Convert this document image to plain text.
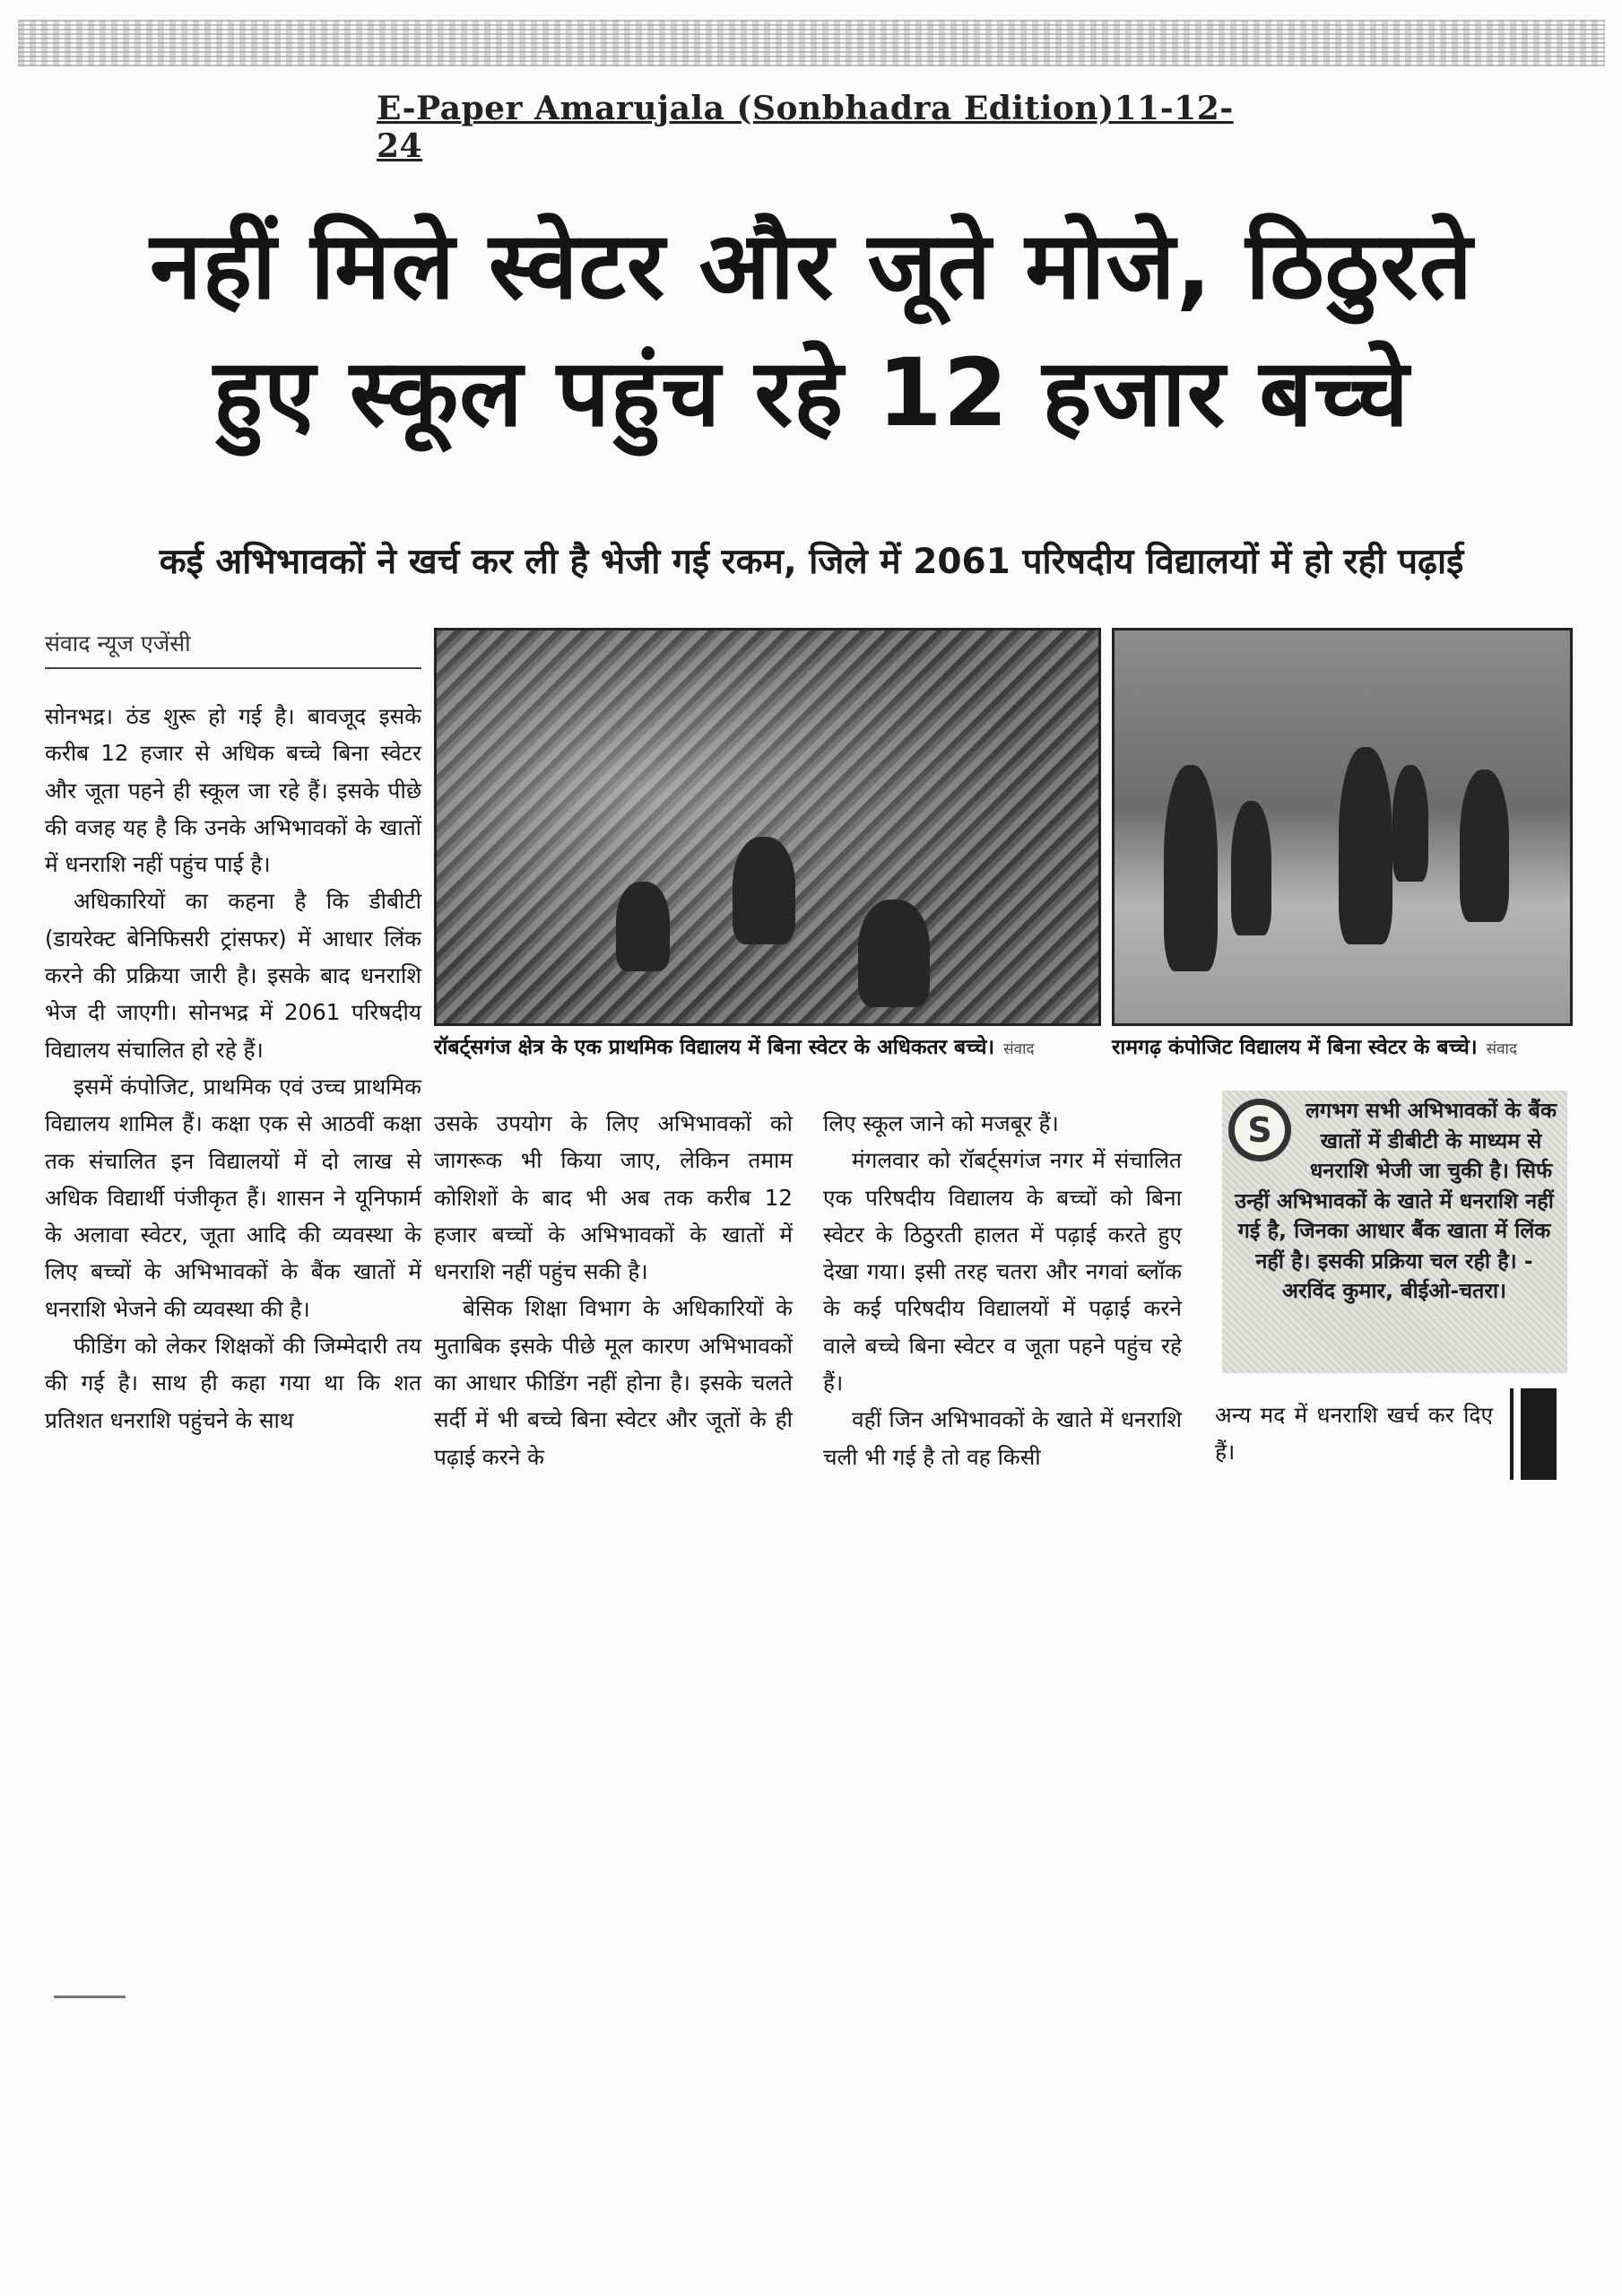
E-Paper Amarujala (Sonbhadra Edition)11-12-24
नहीं मिले स्वेटर और जूते मोजे, ठिठुरते
हुए स्कूल पहुंच रहे 12 हजार बच्चे
कई अभिभावकों ने खर्च कर ली है भेजी गई रकम, जिले में 2061 परिषदीय विद्यालयों में हो रही पढ़ाई
संवाद न्यूज एजेंसी

सोनभद्र। ठंड शुरू हो गई है। बावजूद इसके करीब 12 हजार से अधिक बच्चे बिना स्वेटर और जूता पहने ही स्कूल जा रहे हैं। इसके पीछे की वजह यह है कि उनके अभिभावकों के खातों में धनराशि नहीं पहुंच पाई है।

अधिकारियों का कहना है कि डीबीटी (डायरेक्ट बेनिफिसरी ट्रांसफर) में आधार लिंक करने की प्रक्रिया जारी है। इसके बाद धनराशि भेज दी जाएगी। सोनभद्र में 2061 परिषदीय विद्यालय संचालित हो रहे हैं।

इसमें कंपोजिट, प्राथमिक एवं उच्च प्राथमिक विद्यालय शामिल हैं। कक्षा एक से आठवीं कक्षा तक संचालित इन विद्यालयों में दो लाख से अधिक विद्यार्थी पंजीकृत हैं। शासन ने यूनिफार्म के अलावा स्वेटर, जूता आदि की व्यवस्था के लिए बच्चों के अभिभावकों के बैंक खातों में धनराशि भेजने की व्यवस्था की है।

फीडिंग को लेकर शिक्षकों की जिम्मेदारी तय की गई है। साथ ही कहा गया था कि शत प्रतिशत धनराशि पहुंचने के साथ

रॉबर्ट्सगंज क्षेत्र के एक प्राथमिक विद्यालय में बिना स्वेटर के अधिकतर बच्चे। संवाद	रामगढ़ कंपोजिट विद्यालय में बिना स्वेटर के बच्चे। संवाद

उसके उपयोग के लिए अभिभावकों को जागरूक भी किया जाए, लेकिन तमाम कोशिशों के बाद भी अब तक करीब 12 हजार बच्चों के अभिभावकों के खातों में धनराशि नहीं पहुंच सकी है।

बेसिक शिक्षा विभाग के अधिकारियों के मुताबिक इसके पीछे मूल कारण अभिभावकों का आधार फीडिंग नहीं होना है। इसके चलते सर्दी में भी बच्चे बिना स्वेटर और जूतों के ही पढ़ाई करने के

लिए स्कूल जाने को मजबूर हैं।

मंगलवार को रॉबर्ट्सगंज नगर में संचालित एक परिषदीय विद्यालय के बच्चों को बिना स्वेटर के ठिठुरती हालत में पढ़ाई करते हुए देखा गया। इसी तरह चतरा और नगवां ब्लॉक के कई परिषदीय विद्यालयों में पढ़ाई करने वाले बच्चे बिना स्वेटर व जूता पहने पहुंच रहे हैं।

वहीं जिन अभिभावकों के खाते में धनराशि चली भी गई है तो वह किसी

S	लगभग सभी अभिभावकों के बैंक खातों में डीबीटी के माध्यम से धनराशि भेजी जा चुकी है। सिर्फ उन्हीं अभिभावकों के खाते में धनराशि नहीं गई है, जिनका आधार बैंक खाता में लिंक नहीं है। इसकी प्रक्रिया चल रही है। - अरविंद कुमार, बीईओ-चतरा।

अन्य मद में धनराशि खर्च कर दिए हैं।
